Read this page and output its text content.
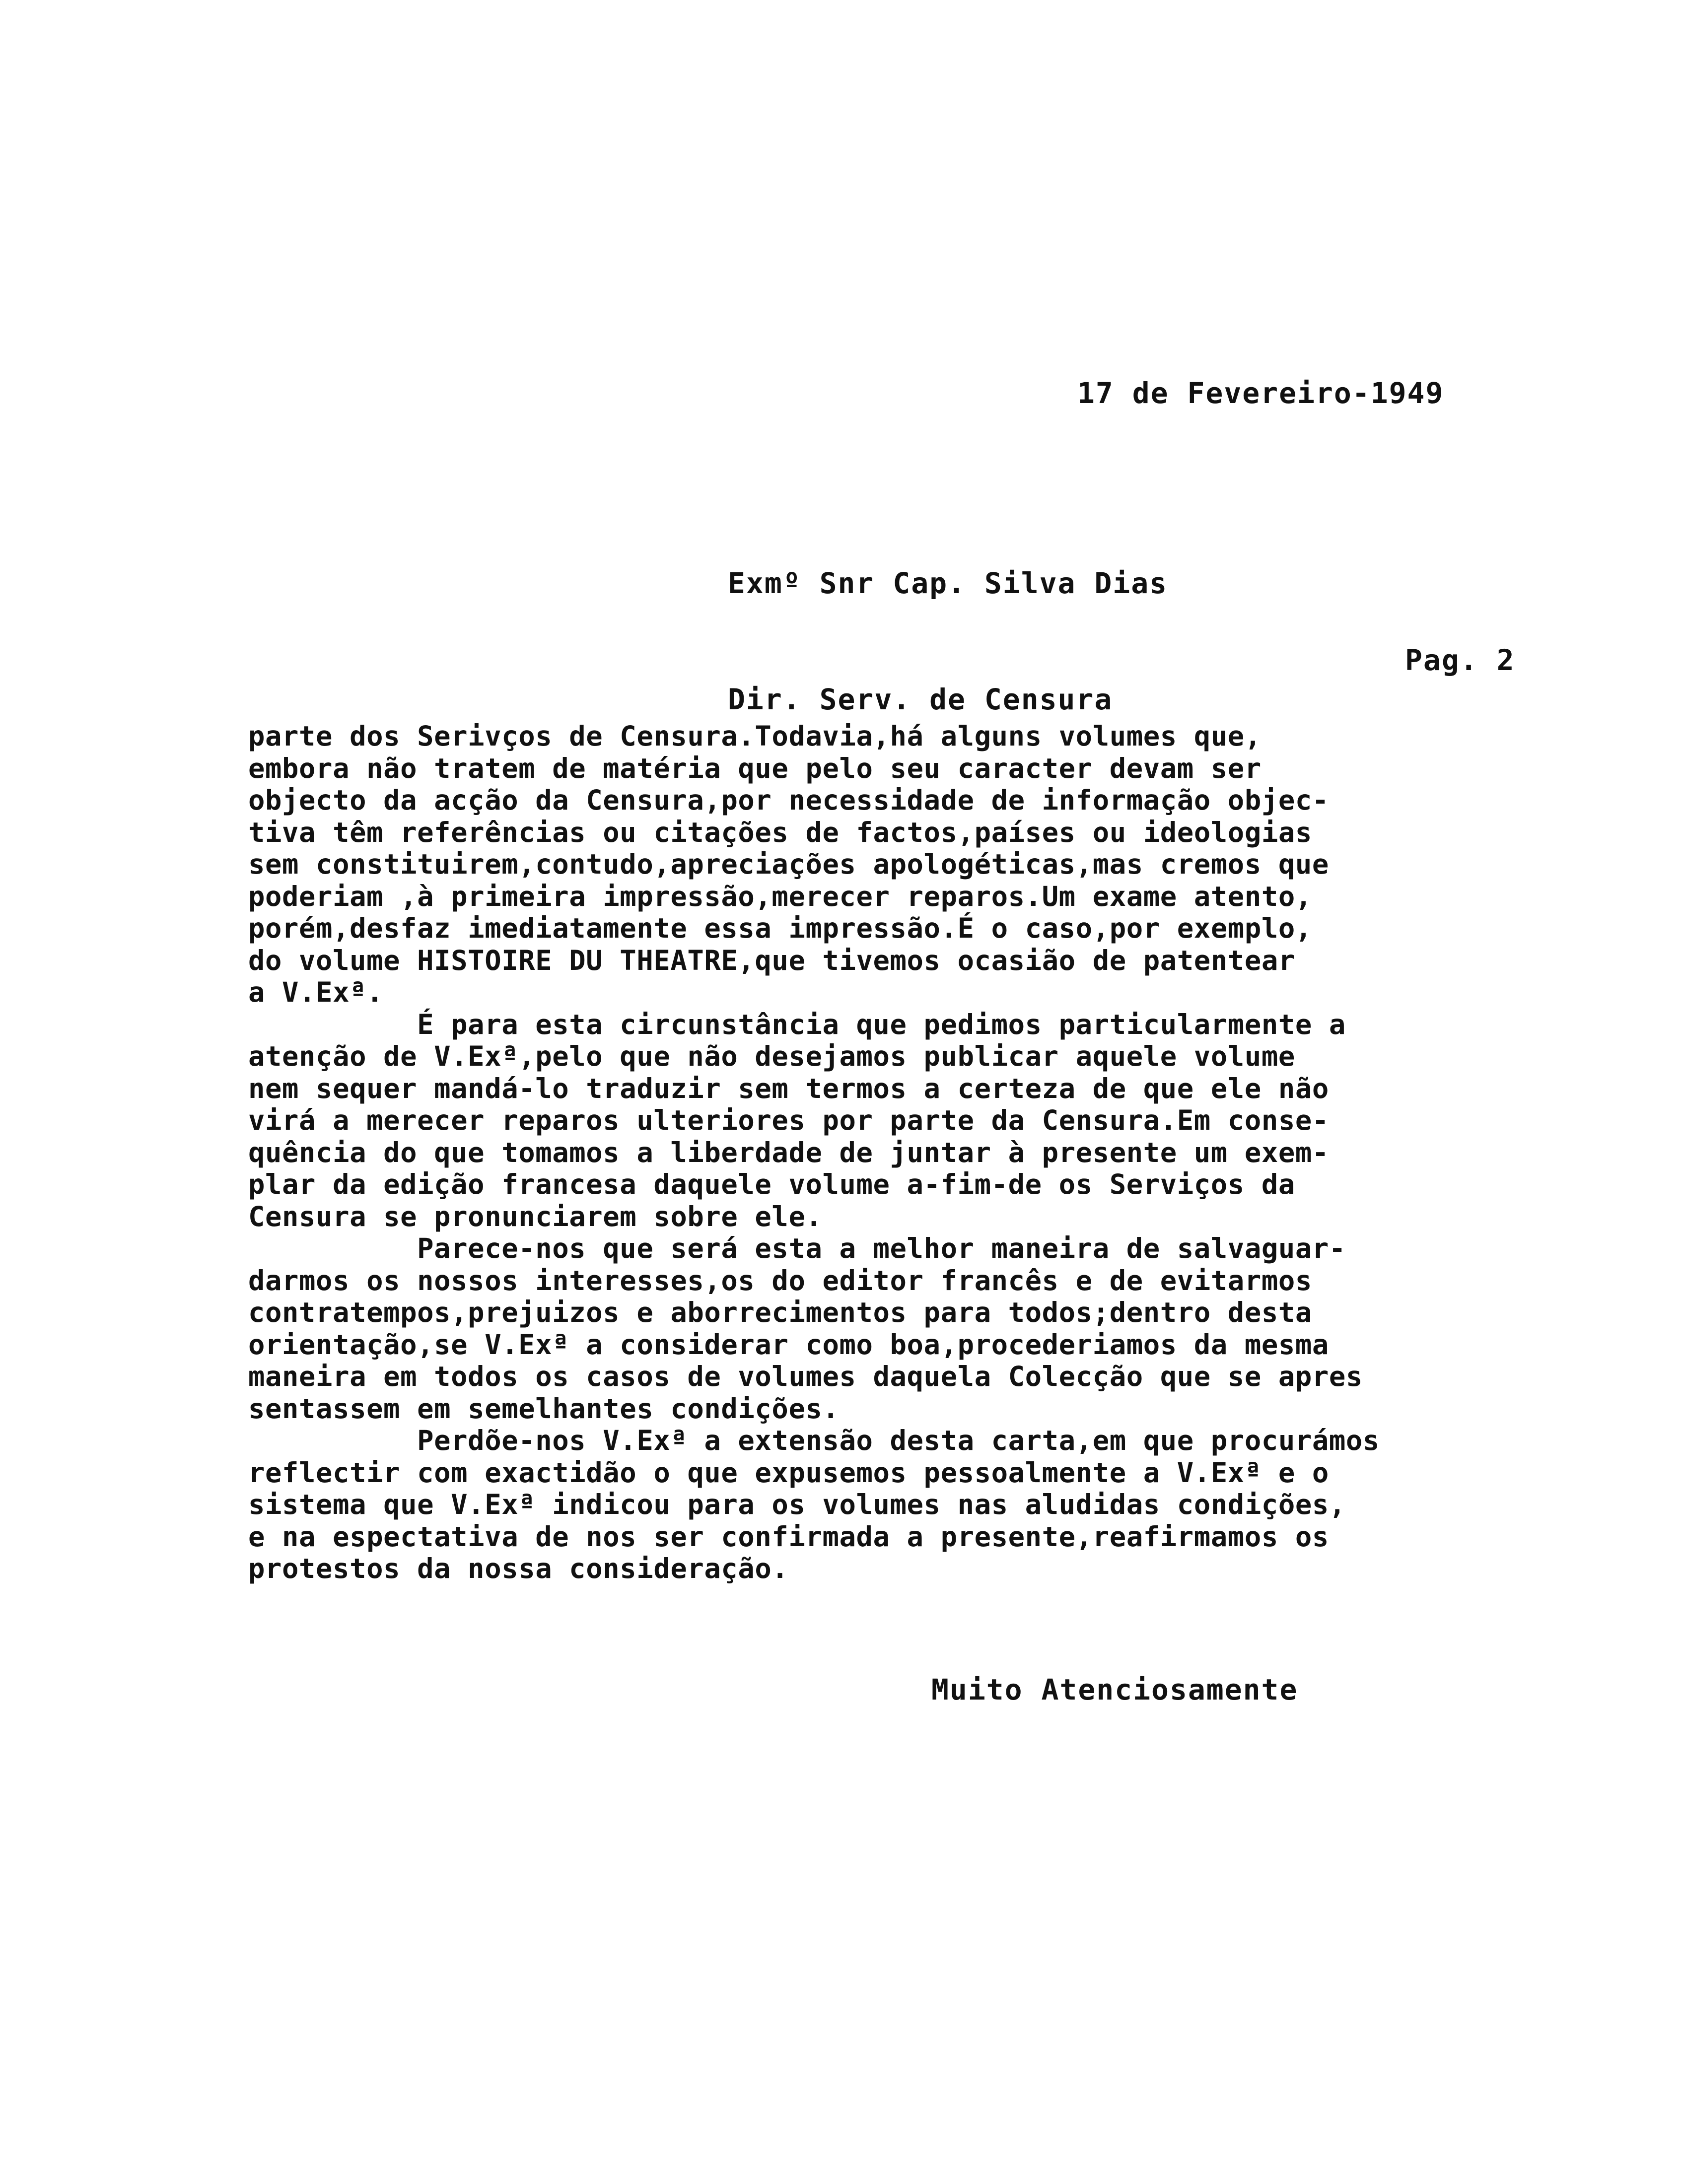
17 de Fevereiro-1949

Exmº Snr Cap. Silva Dias

Dir. Serv. de Censura

Pag. 2
parte dos Serivços de Censura.Todavia,há alguns volumes que,
embora não tratem de matéria que pelo seu caracter devam ser
objecto da acção da Censura,por necessidade de informação objec-
tiva têm referências ou citações de factos,países ou ideologias
sem constituirem,contudo,apreciações apologéticas,mas cremos que
poderiam ,à primeira impressão,merecer reparos.Um exame atento,
porém,desfaz imediatamente essa impressão.É o caso,por exemplo,
do volume HISTOIRE DU THEATRE,que tivemos ocasião de patentear
a V.Exª.
É para esta circunstância que pedimos particularmente a
atenção de V.Exª,pelo que não desejamos publicar aquele volume
nem sequer mandá-lo traduzir sem termos a certeza de que ele não
virá a merecer reparos ulteriores por parte da Censura.Em conse-
quência do que tomamos a liberdade de juntar à presente um exem-
plar da edição francesa daquele volume a-fim-de os Serviços da
Censura se pronunciarem sobre ele.
Parece-nos que será esta a melhor maneira de salvaguar-
darmos os nossos interesses,os do editor francês e de evitarmos
contratempos,prejuizos e aborrecimentos para todos;dentro desta
orientação,se V.Exª a considerar como boa,procederiamos da mesma
maneira em todos os casos de volumes daquela Colecção que se apres
sentassem em semelhantes condições.
Perdõe-nos V.Exª a extensão desta carta,em que procurámos
reflectir com exactidão o que expusemos pessoalmente a V.Exª e o
sistema que V.Exª indicou para os volumes nas aludidas condições,
e na espectativa de nos ser confirmada a presente,reafirmamos os
protestos da nossa consideração.
Muito Atenciosamente
